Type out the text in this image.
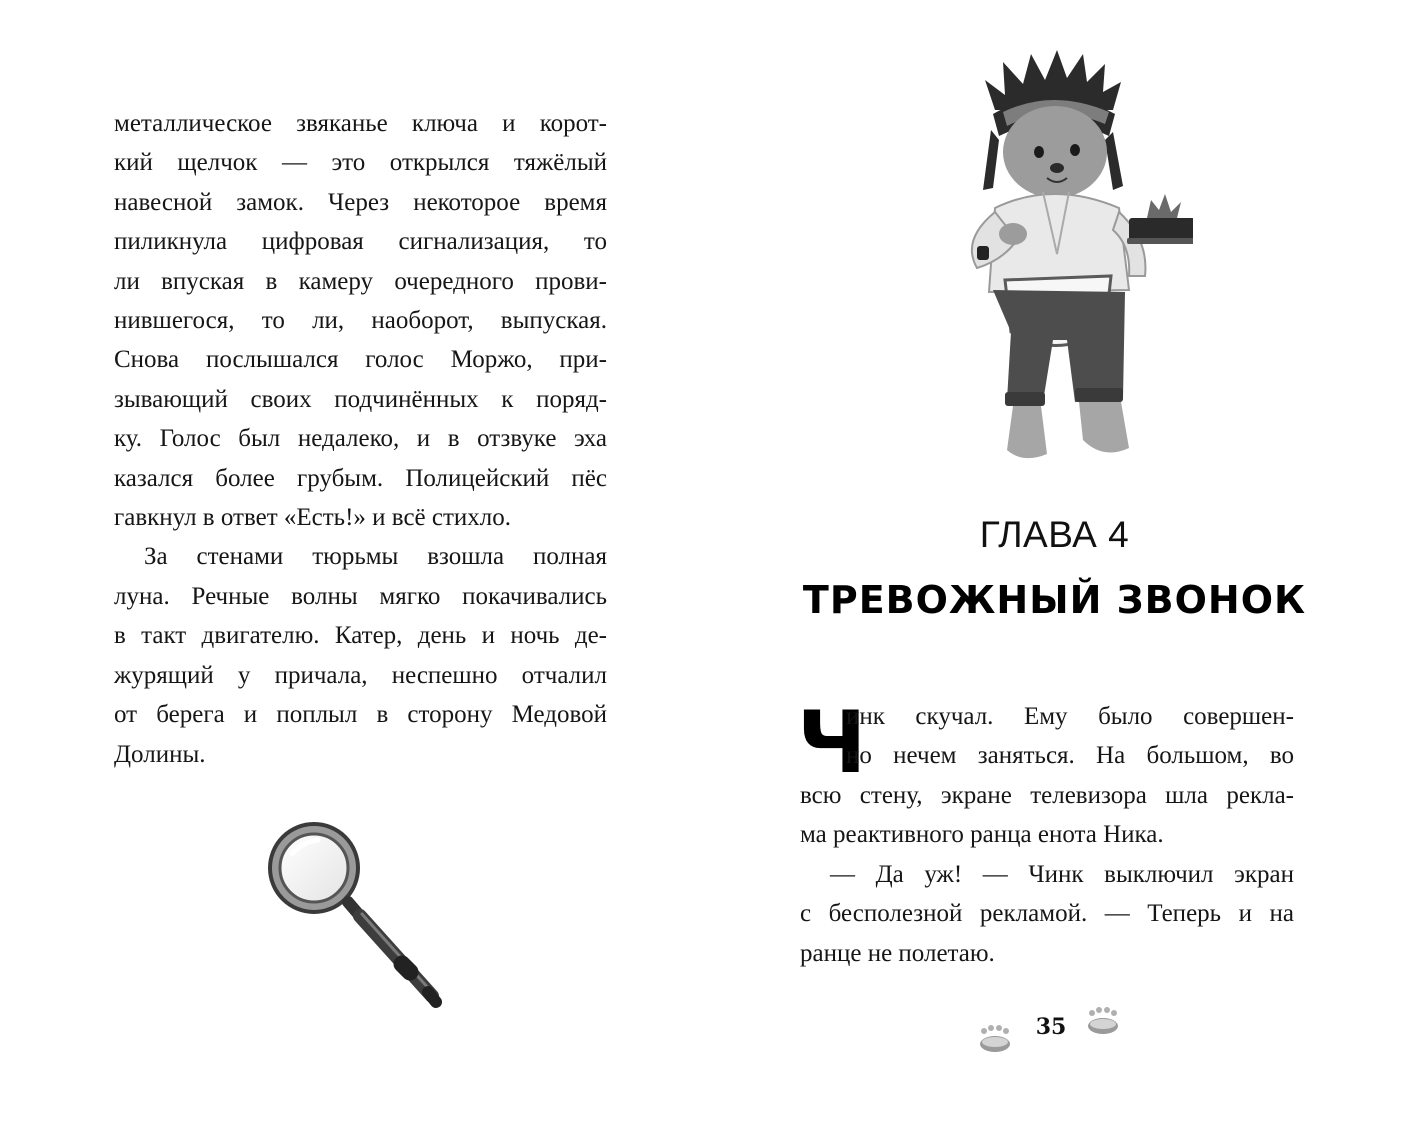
металлическое звяканье ключа и корот-
кий щелчок — это открылся тяжёлый
навесной замок. Через некоторое время
пиликнула цифровая сигнализация, то
ли впуская в камеру очередного прови-
нившегося, то ли, наоборот, выпуская.
Снова послышался голос Моржо, при-
зывающий своих подчинённых к поряд-
ку. Голос был недалеко, и в отзвуке эха
казался более грубым. Полицейский пёс

гавкнул в ответ «Есть!» и всё стихло.

За стенами тюрьмы взошла полная

луна. Речные волны мягко покачивались
в такт двигателю. Катер, день и ночь де-
журящий у причала, неспешно отчалил
от берега и поплыл в сторону Медовой

Долины.

ГЛАВА 4
ТРЕВОЖНЫЙ ЗВОНОК
Ч

инк скучал. Ему было совершен-
но нечем заняться. На большом, во

всю стену, экране телевизора шла рекла-

ма реактивного ранца енота Ника.

— Да уж! — Чинк выключил экран

с бесполезной рекламой. — Теперь и на

ранце не полетаю.

35
